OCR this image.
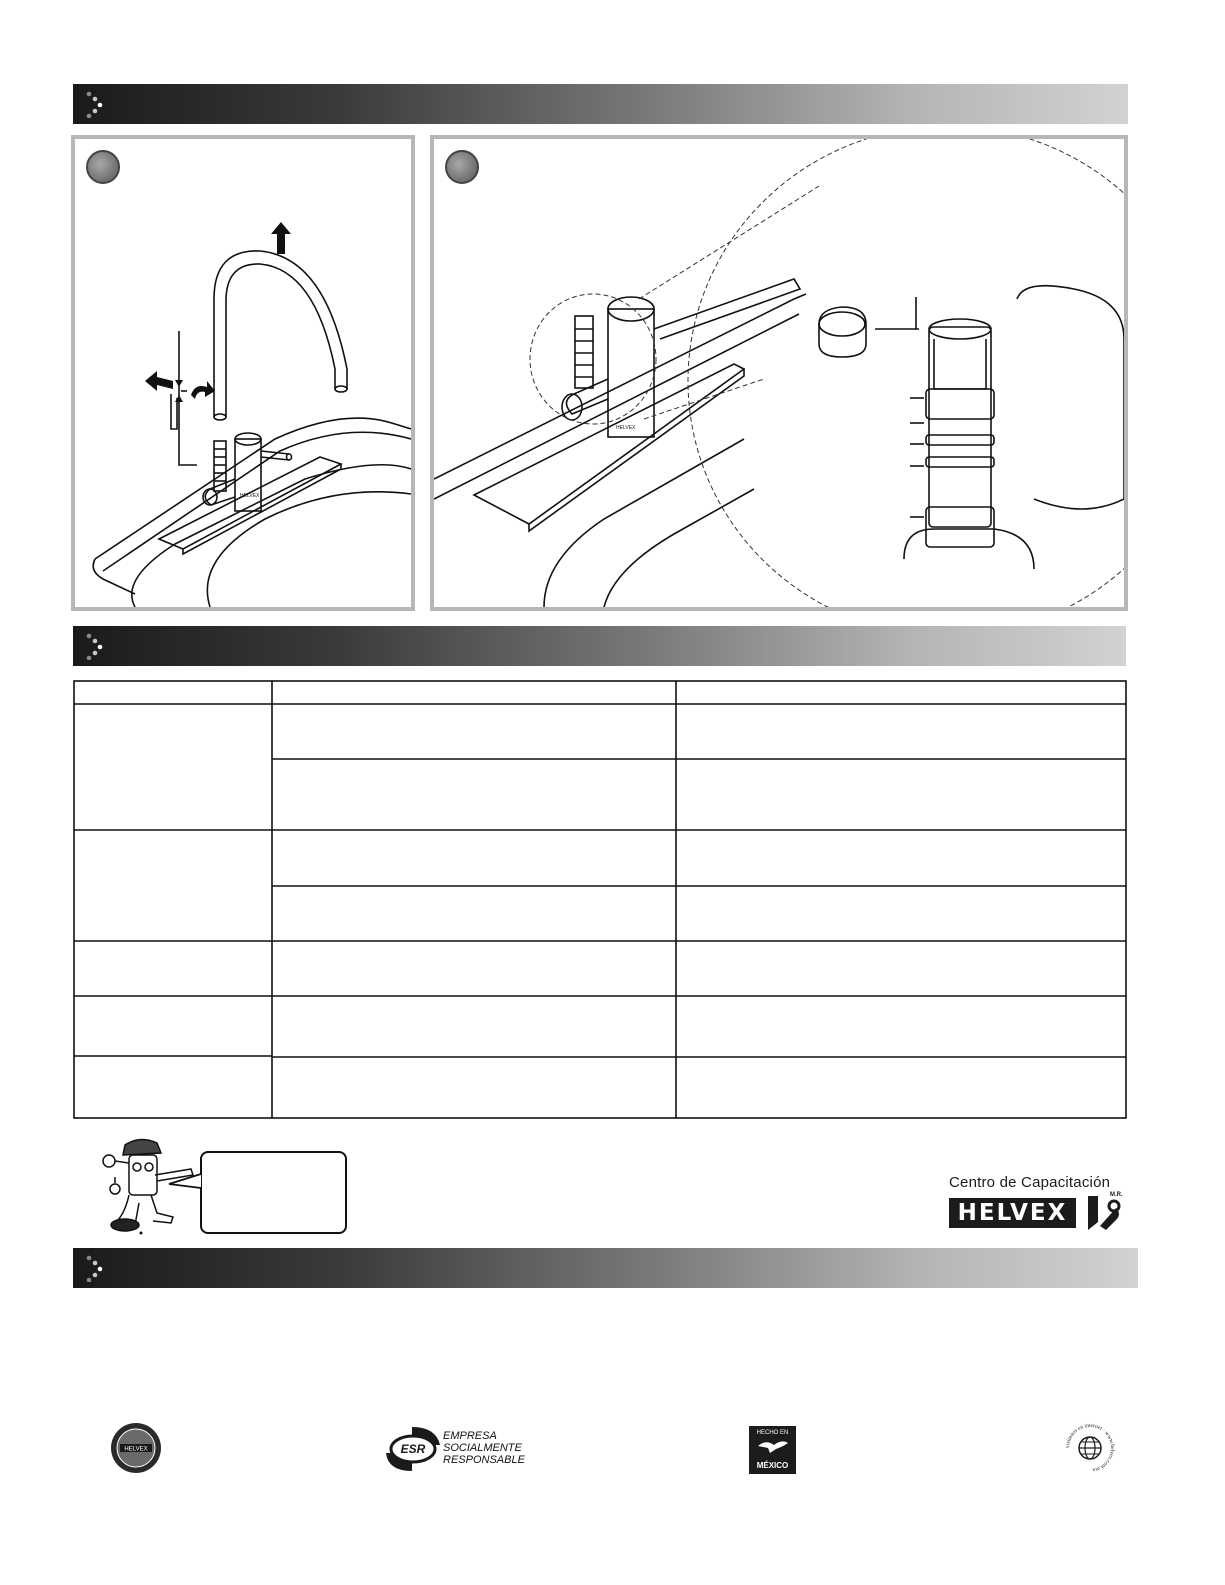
HELVEX
HELVEX
Centro de Capacitación
HELVEX
M.R.
HELVEX	ESR
EMPRESA
SOCIALMENTE
RESPONSABLE
HECHO EN
MÉXICO
visítenos en internet · www.helvex.com.mx
